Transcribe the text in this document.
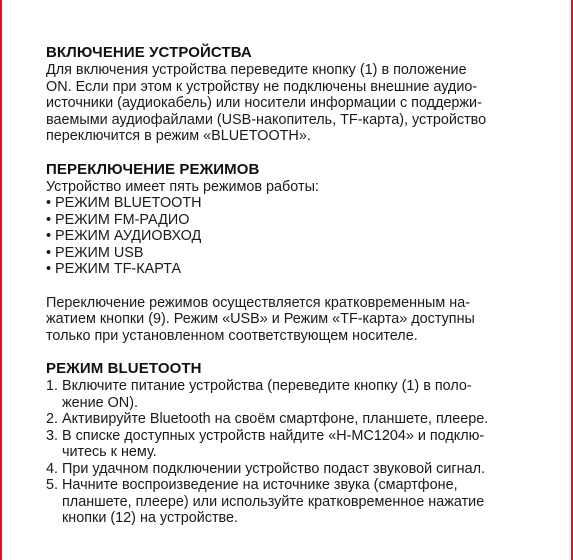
ВКЛЮЧЕНИЕ УСТРОЙСТВА
Для включения устройства переведите кнопку (1) в положение
ON. Если при этом к устройству не подключены внешние аудио-
источники (аудиокабель) или носители информации с поддержи-
ваемыми аудиофайлами (USB-накопитель, TF-карта), устройство
переключится в режим «BLUETOOTH».
ПЕРЕКЛЮЧЕНИЕ РЕЖИМОВ
Устройство имеет пять режимов работы:
• РЕЖИМ BLUETOOTH
• РЕЖИМ FM-РАДИО
• РЕЖИМ АУДИОВХОД
• РЕЖИМ USB
• РЕЖИМ TF-КАРТА
Переключение режимов осуществляется кратковременным на-
жатием кнопки (9). Режим «USB» и Режим «TF-карта» доступны
только при установленном соответствующем носителе.
РЕЖИМ BLUETOOTH
1. Включите питание устройства (переведите кнопку (1) в поло-
жение ON).
2. Активируйте Bluetooth на своём смартфоне, планшете, плеере.
3. В списке доступных устройств найдите «H-MC1204» и подклю-
читесь к нему.
4. При удачном подключении устройство подаст звуковой сигнал.
5. Начните воспроизведение на источнике звука (смартфоне,
планшете, плеере) или используйте кратковременное нажатие
кнопки (12) на устройстве.
